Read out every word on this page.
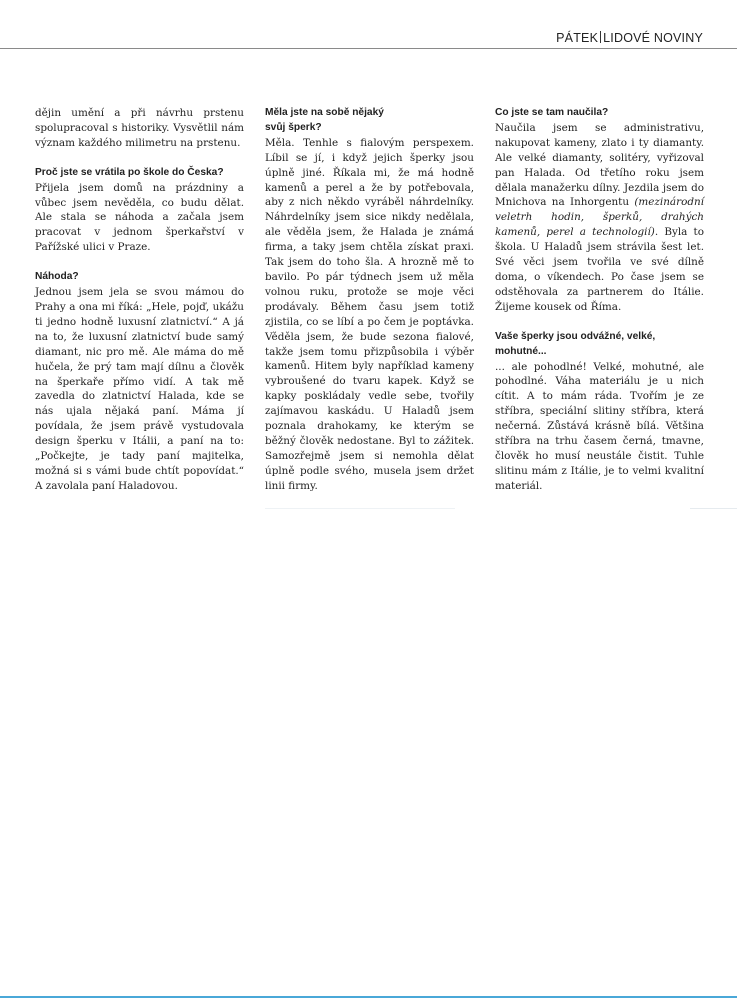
PÁTEK LIDOVÉ NOVINY

dějin umění a při návrhu prstenu spolupracoval s historiky. Vysvětlil nám význam každého milimetru na prstenu.

Proč jste se vrátila po škole do Česka?

Přijela jsem domů na prázdniny a vůbec jsem nevěděla, co budu dělat. Ale stala se náhoda a začala jsem pracovat v jednom šperkařství v Pařížské ulici v Praze.

Náhoda?

Jednou jsem jela se svou mámou do Prahy a ona mi říká: „Hele, pojď, ukážu ti jedno hodně luxusní zlatnictví.“ A já na to, že luxusní zlatnictví bude samý diamant, nic pro mě. Ale máma do mě hučela, že prý tam mají dílnu a člověk na šperkaře přímo vidí. A tak mě zavedla do zlatnictví Halada, kde se nás ujala nějaká paní. Máma jí povídala, že jsem právě vystudovala design šperku v Itálii, a paní na to: „Počkejte, je tady paní majitelka, možná si s vámi bude chtít popovídat.“ A zavolala paní Haladovou.

Měla jste na sobě nějaký svůj šperk?

Měla. Tenhle s fialovým perspexem. Líbil se jí, i když jejich šperky jsou úplně jiné. Říkala mi, že má hodně kamenů a perel a že by potřebovala, aby z nich někdo vyráběl náhrdelníky. Náhrdelníky jsem sice nikdy nedělala, ale věděla jsem, že Halada je známá firma, a taky jsem chtěla získat praxi. Tak jsem do toho šla. A hrozně mě to bavilo. Po pár týdnech jsem už měla volnou ruku, protože se moje věci prodávaly. Během času jsem totiž zjistila, co se líbí a po čem je poptávka. Věděla jsem, že bude sezona fialové, takže jsem tomu přizpůsobila i výběr kamenů. Hitem byly například kameny vybroušené do tvaru kapek. Když se kapky poskládaly vedle sebe, tvořily zajímavou kaskádu. U Haladů jsem poznala drahokamy, ke kterým se běžný člověk nedostane. Byl to zážitek. Samozřejmě jsem si nemohla dělat úplně podle svého, musela jsem držet linii firmy.

Co jste se tam naučila?

Naučila jsem se administrativu, nakupovat kameny, zlato i ty diamanty. Ale velké diamanty, solitéry, vyřizoval pan Halada. Od třetího roku jsem dělala manažerku dílny. Jezdila jsem do Mnichova na Inhorgentu (mezinárodní veletrh hodin, šperků, drahých kamenů, perel a technologií). Byla to škola. U Haladů jsem strávila šest let. Své věci jsem tvořila ve své dílně doma, o víkendech. Po čase jsem se odstěhovala za partnerem do Itálie. Žijeme kousek od Říma.

Vaše šperky jsou odvážné, velké, mohutné...

... ale pohodlné! Velké, mohutné, ale pohodlné. Váha materiálu je u nich cítit. A to mám ráda. Tvořím je ze stříbra, speciální slitiny stříbra, která nečerná. Zůstává krásně bílá. Většina stříbra na trhu časem černá, tmavne, člověk ho musí neustále čistit. Tuhle slitinu mám z Itálie, je to velmi kvalitní materiál.
